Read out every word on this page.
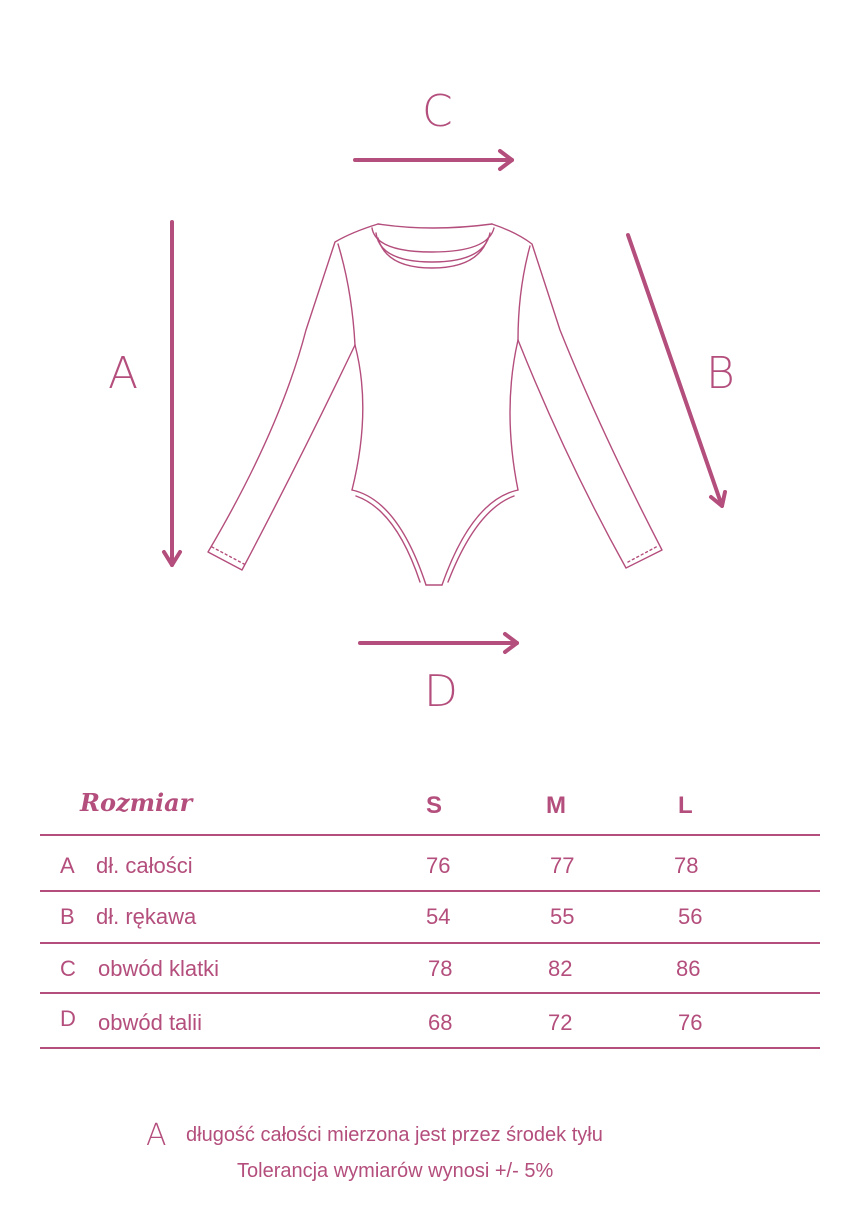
C
A	B
D
Rozmiar	S	M	L
A dł. całości	76	77	78
B dł. rękawa	54	55	56
C obwód klatki	78	82	86
D obwód talii	68	72	76
A długość całości mierzona jest przez środek tyłu
Tolerancja wymiarów wynosi +/- 5%
